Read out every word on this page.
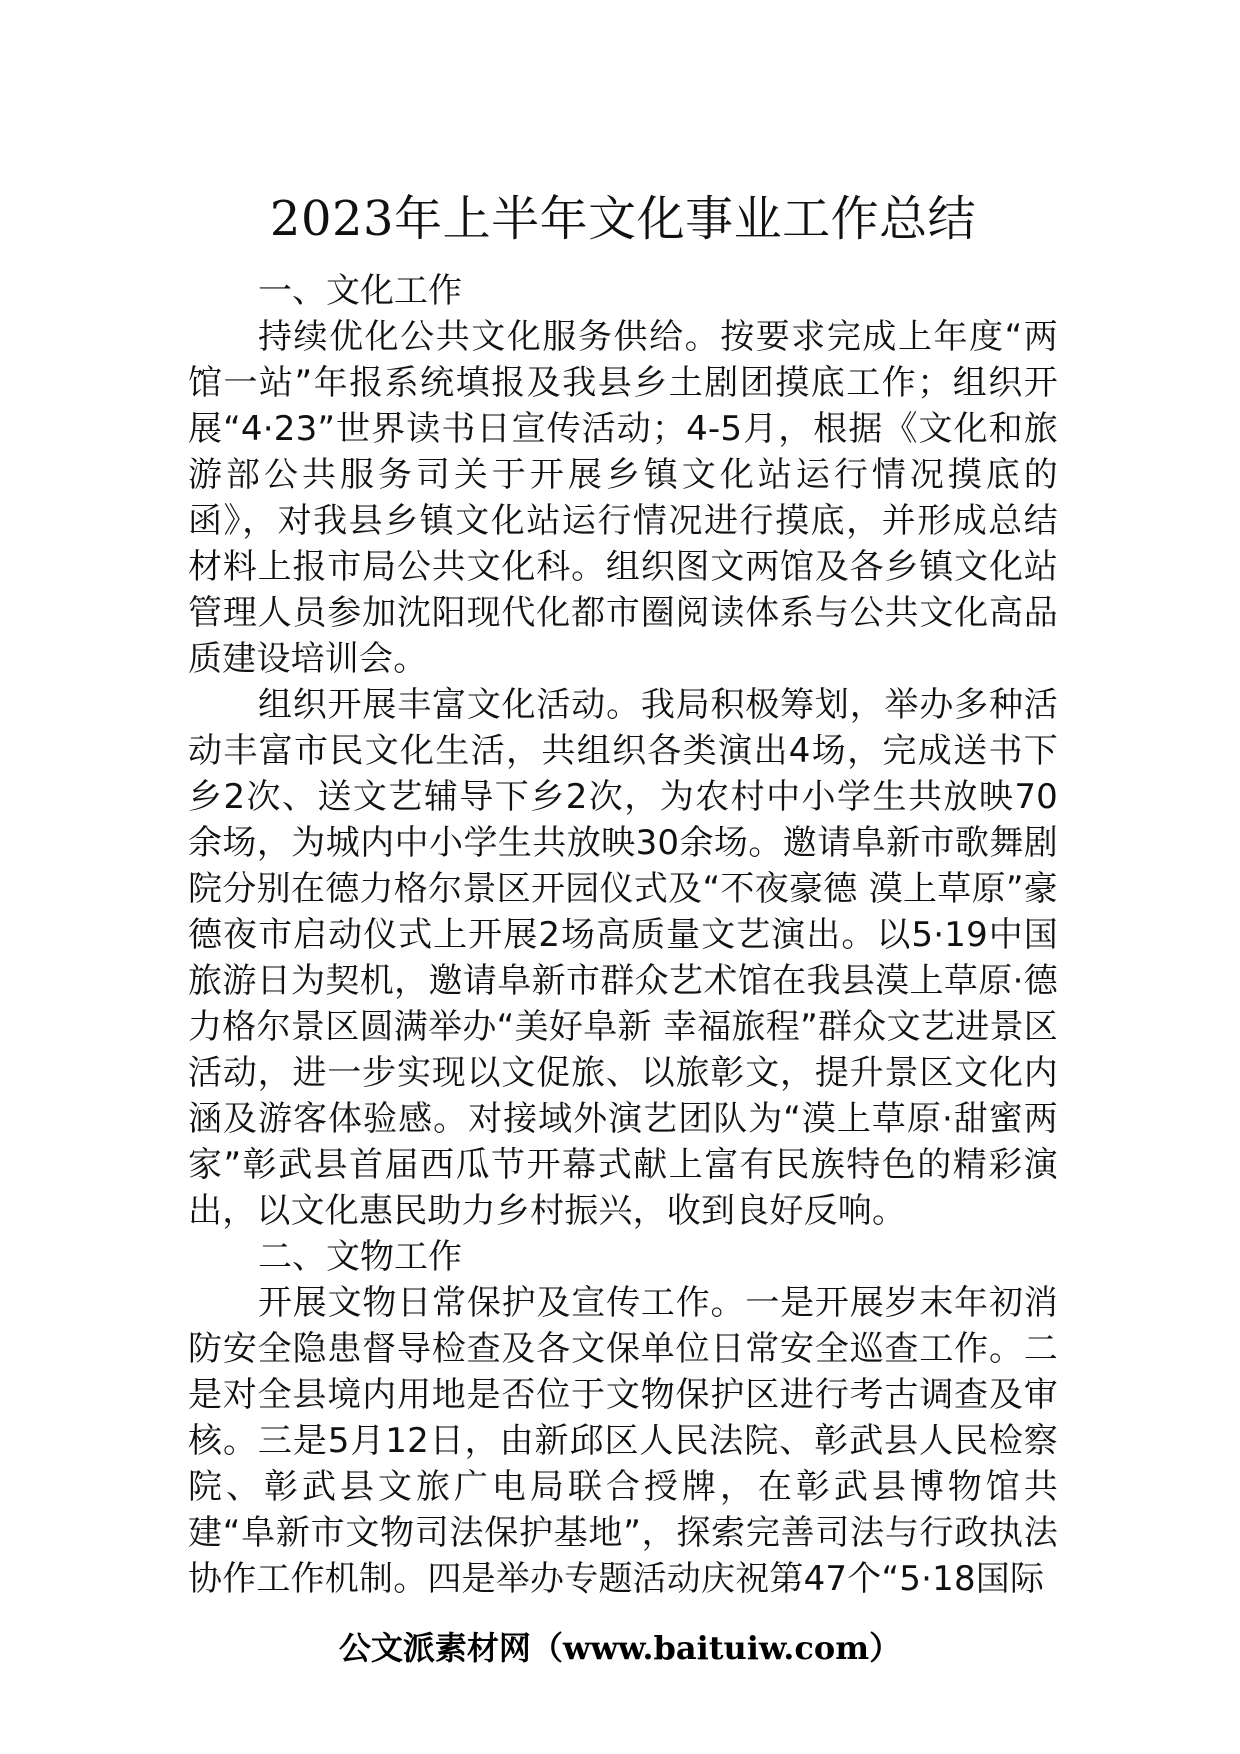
2023年上半年文化事业工作总结

一、文化工作

持续优化公共文化服务供给。按要求完成上年度“两馆一站”年报系统填报及我县乡土剧团摸底工作；组织开展“4·23”世界读书日宣传活动；4-5月，根据《文化和旅游部公共服务司关于开展乡镇文化站运行情况摸底的函》，对我县乡镇文化站运行情况进行摸底，并形成总结材料上报市局公共文化科。组织图文两馆及各乡镇文化站管理人员参加沈阳现代化都市圈阅读体系与公共文化高品质建设培训会。

组织开展丰富文化活动。我局积极筹划，举办多种活动丰富市民文化生活，共组织各类演出4场，完成送书下乡2次、送文艺辅导下乡2次，为农村中小学生共放映70余场，为城内中小学生共放映30余场。邀请阜新市歌舞剧院分别在德力格尔景区开园仪式及“不夜豪德 漠上草原”豪德夜市启动仪式上开展2场高质量文艺演出。以5·19中国旅游日为契机，邀请阜新市群众艺术馆在我县漠上草原·德力格尔景区圆满举办“美好阜新 幸福旅程”群众文艺进景区活动，进一步实现以文促旅、以旅彰文，提升景区文化内涵及游客体验感。对接域外演艺团队为“漠上草原·甜蜜两家”彰武县首届西瓜节开幕式献上富有民族特色的精彩演出，以文化惠民助力乡村振兴，收到良好反响。

二、文物工作

开展文物日常保护及宣传工作。一是开展岁末年初消防安全隐患督导检查及各文保单位日常安全巡查工作。二是对全县境内用地是否位于文物保护区进行考古调查及审核。三是5月12日，由新邱区人民法院、彰武县人民检察院、彰武县文旅广电局联合授牌，在彰武县博物馆共建“阜新市文物司法保护基地”，探索完善司法与行政执法协作工作机制。四是举办专题活动庆祝第47个“5·18国际

公文派素材网（www.baituiw.com）
